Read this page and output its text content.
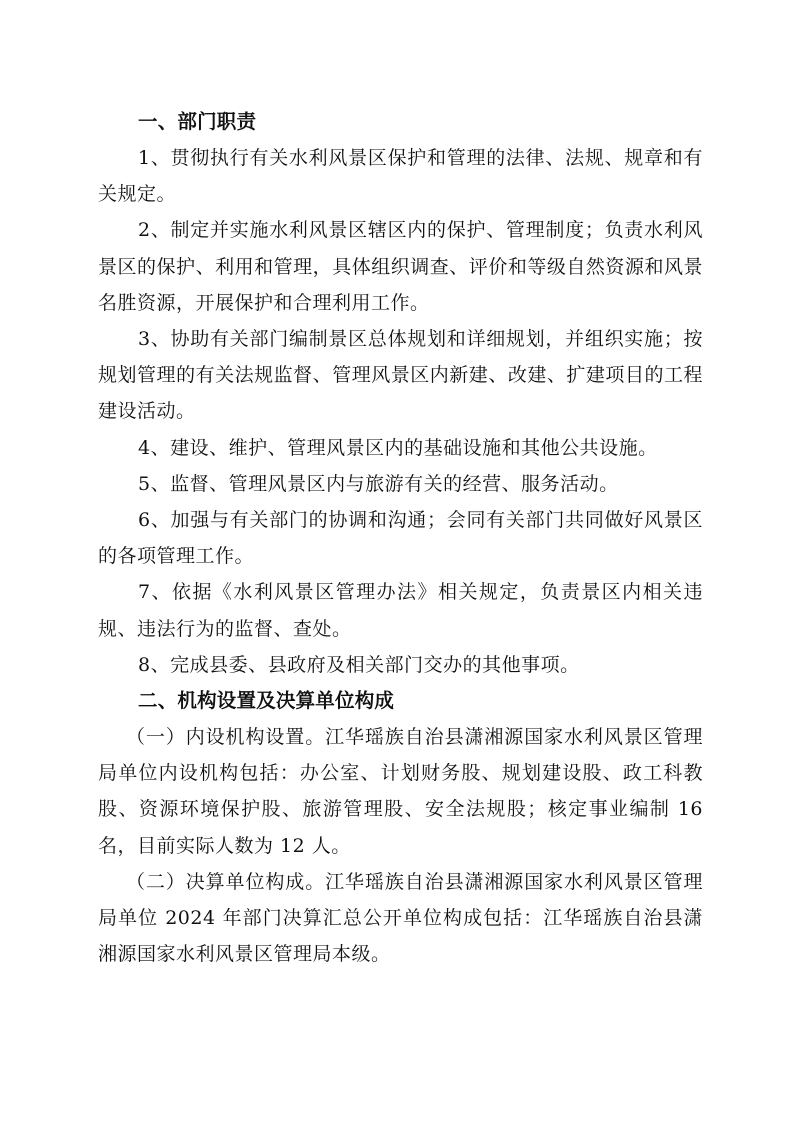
一、部门职责

1、贯彻执行有关水利风景区保护和管理的法律、法规、规章和有关规定。

2、制定并实施水利风景区辖区内的保护、管理制度；负责水利风景区的保护、利用和管理，具体组织调查、评价和等级自然资源和风景名胜资源，开展保护和合理利用工作。

3、协助有关部门编制景区总体规划和详细规划，并组织实施；按规划管理的有关法规监督、管理风景区内新建、改建、扩建项目的工程建设活动。

4、建设、维护、管理风景区内的基础设施和其他公共设施。

5、监督、管理风景区内与旅游有关的经营、服务活动。

6、加强与有关部门的协调和沟通；会同有关部门共同做好风景区的各项管理工作。

7、依据《水利风景区管理办法》相关规定，负责景区内相关违规、违法行为的监督、查处。

8、完成县委、县政府及相关部门交办的其他事项。

二、机构设置及决算单位构成

（一）内设机构设置。江华瑶族自治县潇湘源国家水利风景区管理局单位内设机构包括：办公室、计划财务股、规划建设股、政工科教股、资源环境保护股、旅游管理股、安全法规股；核定事业编制 16 名，目前实际人数为 12 人。

（二）决算单位构成。江华瑶族自治县潇湘源国家水利风景区管理局单位 2024 年部门决算汇总公开单位构成包括：江华瑶族自治县潇湘源国家水利风景区管理局本级。
